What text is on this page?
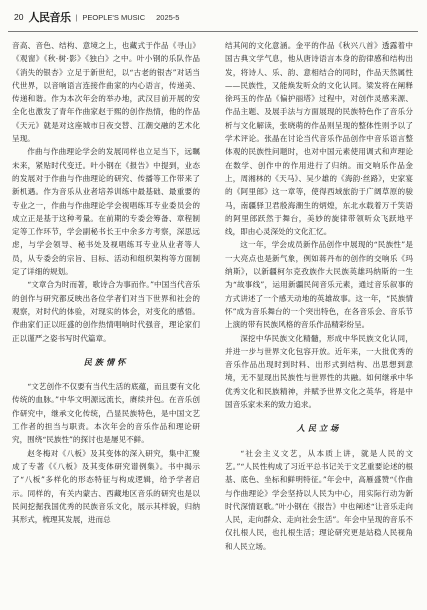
20 人民音乐 | PEOPLE'S MUSIC 2025-5

音高、音色、结构、意境之上，也藏式于作品《寻山》《观窗》《秋·树·影》《独白》之中。叶小钢的乐队作品《消失的银杏》立足于新世纪，以“古老的银杏”对话当代世界，以音响语言连接作曲家的内心语言，传递美、传递和谐。作为本次年会的举办地，武汉目前开展的安全化也激发了青年作曲家赵于熙的创作热情，他的作品《天元》就是对这座城市日夜交替、江潮交融的艺术化呈现。

作曲与作曲理论学会的发展同样也立足当下，远瞩未来，紧贴时代变迁。叶小钢在《报告》中提到，业态的发展对于作曲与作曲理论的研究、传播等工作带来了新机遇。作为音乐从业者培养训练中最基础、最重要的专业之一，作曲与作曲理论学会视唱练耳专业委员会的成立正是基于这种考量。在前期的专委会筹备、章程制定等工作环节，学会副秘书长王中余多方考察，深思远虑，与学会领导、秘书处及视唱练耳专业从业者等人员，从专委会的宗旨、目标、活动和组织架构等方面制定了详细的规划。

“文章合为时而著，歌诗合为事而作。”中国当代音乐的创作与研究都反映出各位学者们对当下世界和社会的观察，对时代的体验，对现实的体会，对变化的感悟。作曲家们正以旺盛的创作热情唱响时代强音，理论家们正以谨严之姿书写时代篇章。

民族情怀

“文艺创作不仅要有当代生活的底蕴，而且要有文化传统的血脉。”中华文明源远流长，赓续并包。在音乐创作研究中，继承文化传统，凸显民族特色，是中国文艺工作者的担当与职责。本次年会的音乐作品和理论研究，围绕“民族性”的探讨也是屡见不鲜。

赵冬梅对《八板》及其变体的深入研究，集中汇聚成了专著《《八板》及其变体研究谱例集》。书中揭示了“八板”多样化的形态特征与构成逻辑，给予学者启示。同样的，有关内蒙古、西藏地区音乐的研究也是以民间挖掘我国优秀的民族音乐文化，展示其样貌，归纳其形式，梳理其发展，进而总

结其间的文化意涵。金平的作品《秋兴八首》透露着中国古典文学气息，他从唐诗语言本身的韵律感和结构出发，将诗人、乐、韵、意相结合的同时，作品天然属性——民族性，又能焕发听众的文化认同。梁发将在阐释徐玛玉的作品《偏护丽塔》过程中，对创作灵感来源、作品主题、及展手法与方面展现的民族特色作了音乐分析与文化解读，张晓萌的作品则呈现的整体性则予以了学术评论。张晶在讨论当代音乐作品创作中音乐语言整体观的民族性问题时，也对中国元素使用调式和声理论在数学、创作中的作用进行了归纳。而交响乐作品金上，周湘林的《天马》、吴少雄的《海韵·丝路》，史家宴的《阿里郎》这一章等，使得西域旅韵于广阔草原的骏马，南疆驿卫君殷海潮生的炳煌，东北水载着万千笑语的阿里郎跃然于舞台，美妙的旋律带领听众飞跃地平线，即由心灵深处的文化汇忆。

这一年，学会成员新作品创作中展现的“民族性”是一大亮点也是新气象，例如蒋丹布的创作的交响乐《玛纳斯》，以新疆柯尔克孜族作大民族英雄玛纳斯的一生为“故事线”，运用新疆民间音乐元素，通过音乐叙事的方式讲述了一个感天动地的英雄故事。这一年，“民族情怀”成为音乐舞台的一个突出特色，在各音乐会、音乐节上演的带有民族风格的音乐作品精彩纷呈。

深挖中华民族文化精髓，形成中华民族文化认同，并进一步与世界文化包容开放。近年来，一大批优秀的音乐作品出现时到时料、出形式到结构、出思想到意境，无不显现出民族性与世界性的共融。如何继承中华优秀文化和民族精神，并赋予世界文化之英华，将是中国音乐家未来的致力追求。

人民立场

“社会主义文艺，从本质上讲，就是人民的文艺。”“人民性构成了习近平总书记关于文艺重要论述的根基、底色、坐标和鲜明特征。”年会中，高雁盛赞“《作曲与作曲理论》学会坚持以人民为中心，用实际行动为新时代深情讴歌。”叶小钢在《报告》中也阐述“让音乐走向人民，走向群众、走向社会生活”。年会中呈现的音乐不仅扎根人民，也扎根生活；理论研究更是站稳人民视角和人民立场。
